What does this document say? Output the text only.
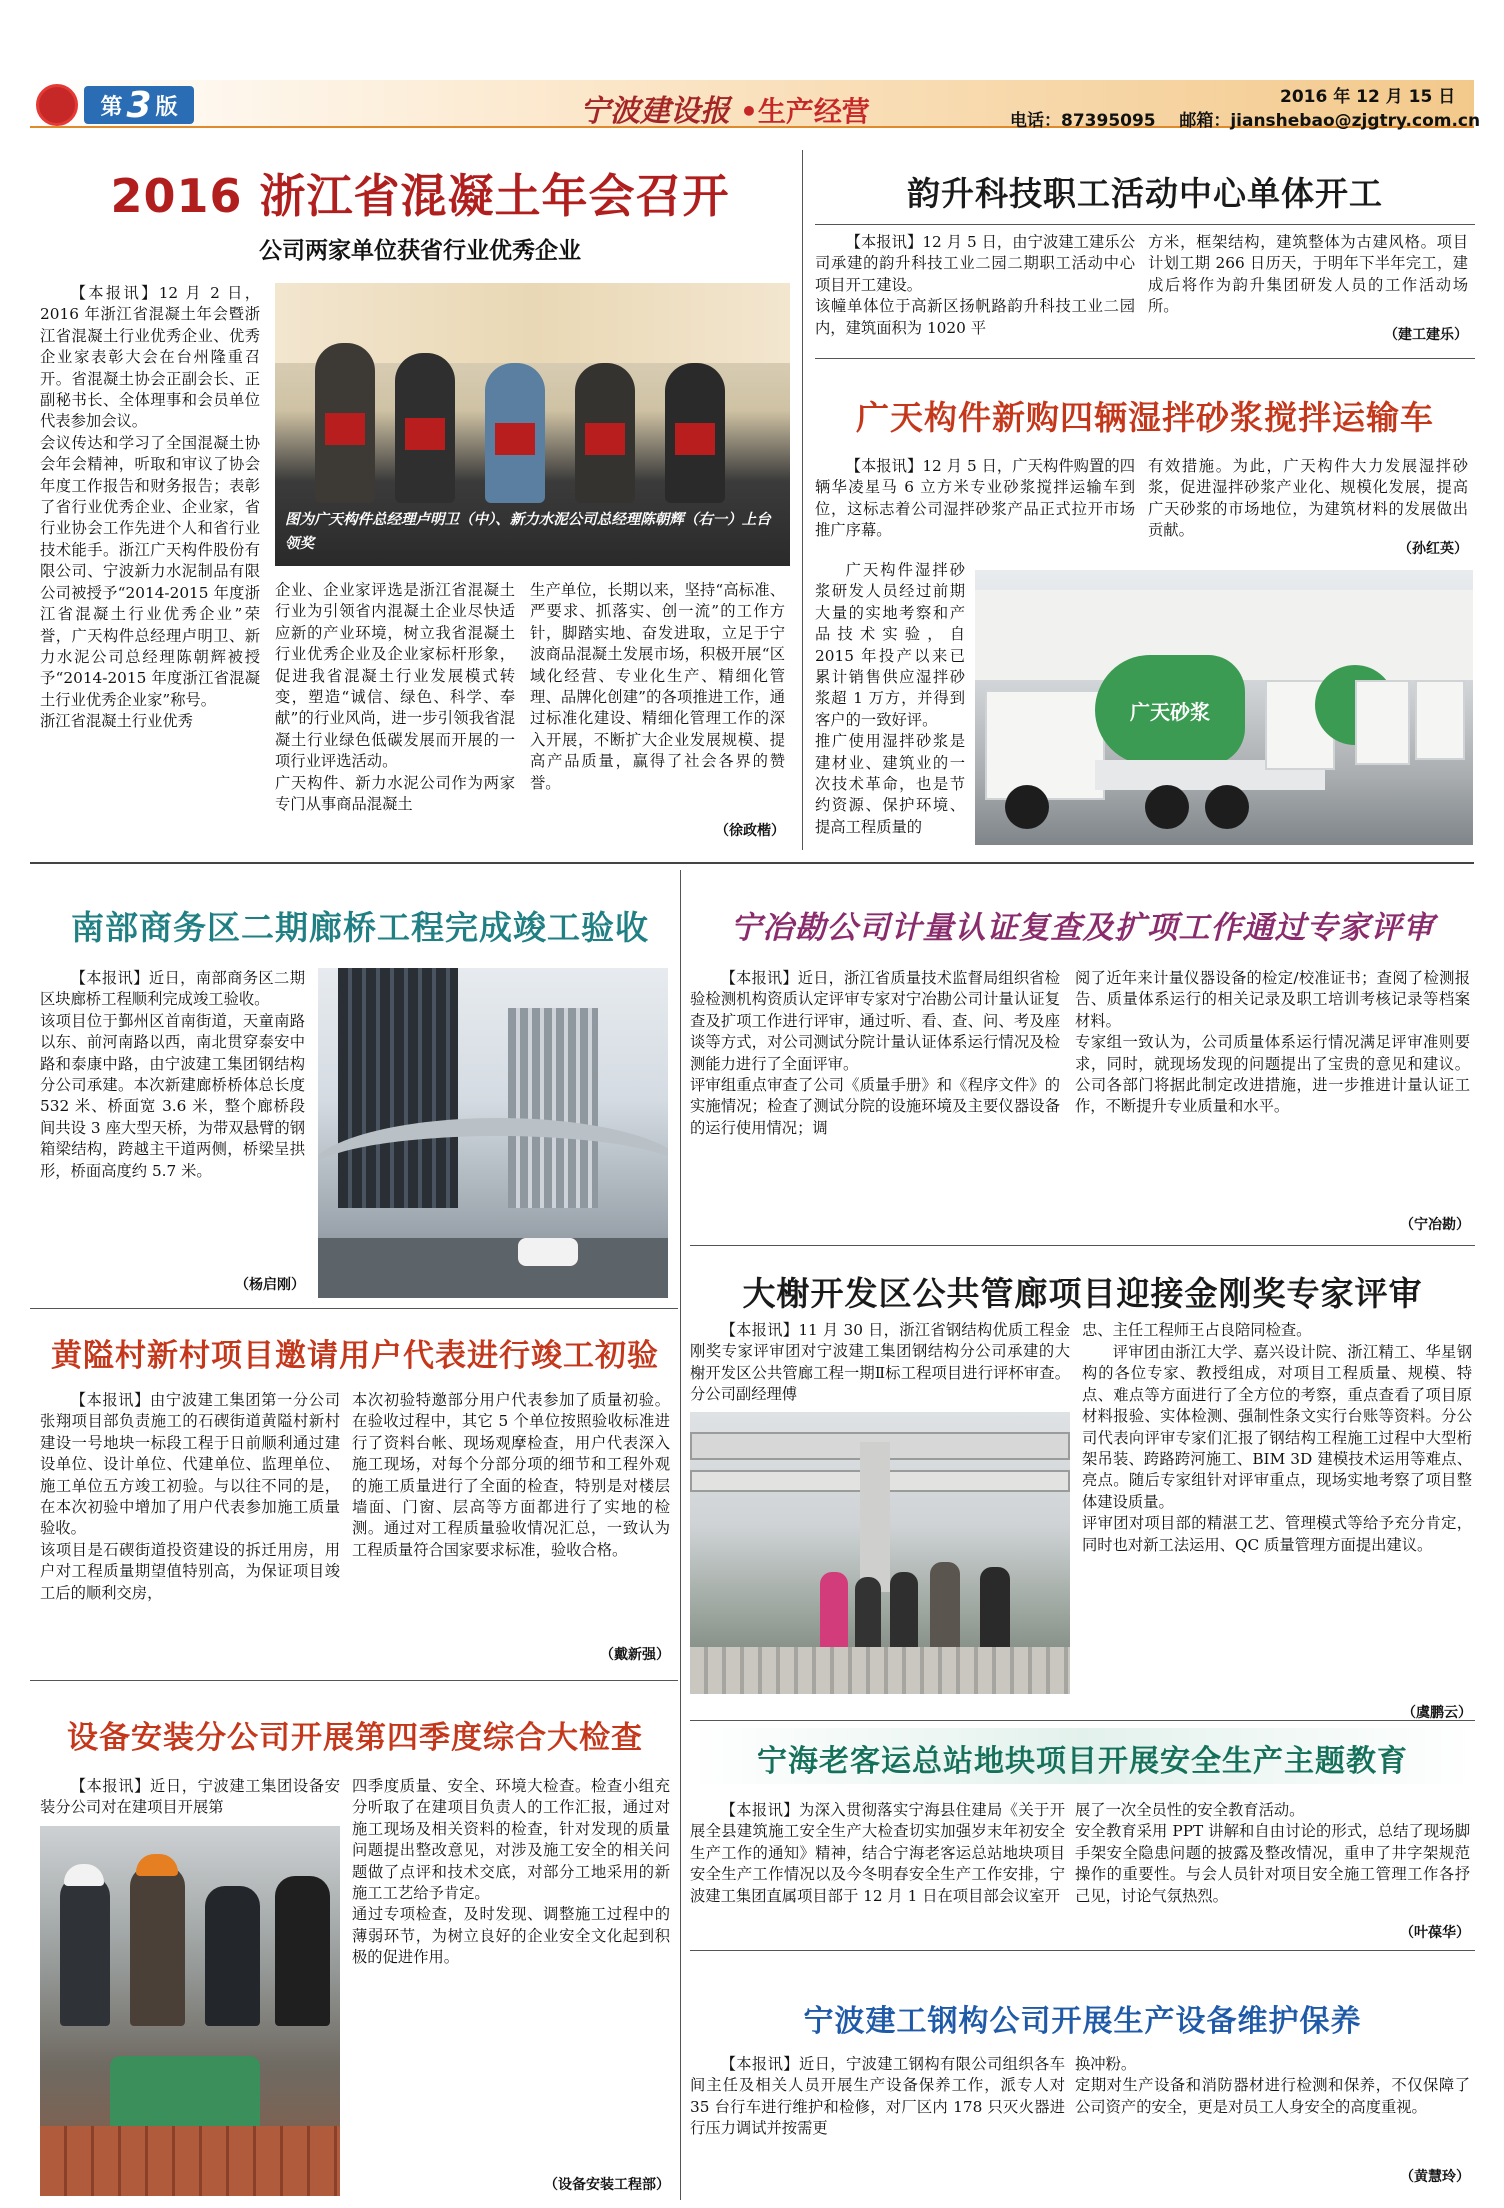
第 3 版	宁波建设报 •生产经营	2016 年 12 月 15 日
电话：87395095 邮箱：jianshebao@zjgtry.com.cn
2016 浙江省混凝土年会召开
公司两家单位获省行业优秀企业
【本报讯】12 月 2 日，2016 年浙江省混凝土年会暨浙江省混凝土行业优秀企业、优秀企业家表彰大会在台州隆重召开。省混凝土协会正副会长、正副秘书长、全体理事和会员单位代表参加会议。
会议传达和学习了全国混凝土协会年会精神，听取和审议了协会年度工作报告和财务报告；表彰了省行业优秀企业、企业家，省行业协会工作先进个人和省行业技术能手。浙江广天构件股份有限公司、宁波新力水泥制品有限公司被授予“2014-2015 年度浙江省混凝土行业优秀企业”荣誉，广天构件总经理卢明卫、新力水泥公司总经理陈朝辉被授予“2014-2015 年度浙江省混凝土行业优秀企业家”称号。
浙江省混凝土行业优秀
图为广天构件总经理卢明卫（中）、新力水泥公司总经理陈朝辉（右一）上台领奖
企业、企业家评选是浙江省混凝土行业为引领省内混凝土企业尽快适应新的产业环境，树立我省混凝土行业优秀企业及企业家标杆形象，促进我省混凝土行业发展模式转变，塑造“诚信、绿色、科学、奉献”的行业风尚，进一步引领我省混凝土行业绿色低碳发展而开展的一项行业评选活动。
广天构件、新力水泥公司作为两家专门从事商品混凝土
生产单位，长期以来，坚持“高标准、严要求、抓落实、创一流”的工作方针，脚踏实地、奋发进取，立足于宁波商品混凝土发展市场，积极开展“区域化经营、专业化生产、精细化管理、品牌化创建”的各项推进工作，通过标准化建设、精细化管理工作的深入开展，不断扩大企业发展规模、提高产品质量，赢得了社会各界的赞誉。
（徐政楷）
韵升科技职工活动中心单体开工
【本报讯】12 月 5 日，由宁波建工建乐公司承建的韵升科技工业二园二期职工活动中心项目开工建设。
该幢单体位于高新区扬帆路韵升科技工业二园内，建筑面积为 1020 平
方米，框架结构，建筑整体为古建风格。项目计划工期 266 日历天，于明年下半年完工，建成后将作为韵升集团研发人员的工作活动场所。
（建工建乐）
广天构件新购四辆湿拌砂浆搅拌运输车
【本报讯】12 月 5 日，广天构件购置的四辆华凌星马 6 立方米专业砂浆搅拌运输车到位，这标志着公司湿拌砂浆产品正式拉开市场推广序幕。
有效措施。为此，广天构件大力发展湿拌砂浆，促进湿拌砂浆产业化、规模化发展，提高广天砂浆的市场地位，为建筑材料的发展做出贡献。
（孙红英）
广天构件湿拌砂浆研发人员经过前期大量的实地考察和产品技术实验，自 2015 年投产以来已累计销售供应湿拌砂浆超 1 万方，并得到客户的一致好评。
推广使用湿拌砂浆是建材业、建筑业的一次技术革命，也是节约资源、保护环境、提高工程质量的
广天砂浆
南部商务区二期廊桥工程完成竣工验收
【本报讯】近日，南部商务区二期区块廊桥工程顺利完成竣工验收。
该项目位于鄞州区首南街道，天童南路以东、前河南路以西，南北贯穿泰安中路和泰康中路，由宁波建工集团钢结构分公司承建。本次新建廊桥桥体总长度 532 米、桥面宽 3.6 米，整个廊桥段间共设 3 座大型天桥，为带双悬臂的钢箱梁结构，跨越主干道两侧，桥梁呈拱形，桥面高度约 5.7 米。
（杨启刚）
宁冶勘公司计量认证复查及扩项工作通过专家评审
【本报讯】近日，浙江省质量技术监督局组织省检验检测机构资质认定评审专家对宁冶勘公司计量认证复查及扩项工作进行评审，通过听、看、查、问、考及座谈等方式，对公司测试分院计量认证体系运行情况及检测能力进行了全面评审。
评审组重点审查了公司《质量手册》和《程序文件》的实施情况；检查了测试分院的设施环境及主要仪器设备的运行使用情况；调
阅了近年来计量仪器设备的检定/校准证书；查阅了检测报告、质量体系运行的相关记录及职工培训考核记录等档案材料。
专家组一致认为，公司质量体系运行情况满足评审准则要求，同时，就现场发现的问题提出了宝贵的意见和建议。公司各部门将据此制定改进措施，进一步推进计量认证工作，不断提升专业质量和水平。
（宁冶勘）
大榭开发区公共管廊项目迎接金刚奖专家评审
【本报讯】11 月 30 日，浙江省钢结构优质工程金刚奖专家评审团对宁波建工集团钢结构分公司承建的大榭开发区公共管廊工程一期Ⅱ标工程项目进行评杯审查。分公司副经理傅
忠、主任工程师王占良陪同检查。
评审团由浙江大学、嘉兴设计院、浙江精工、华星钢构的各位专家、教授组成，对项目工程质量、规模、特点、难点等方面进行了全方位的考察，重点查看了项目原材料报验、实体检测、强制性条文实行台账等资料。分公司代表向评审专家们汇报了钢结构工程施工过程中大型桁架吊装、跨路跨河施工、BIM 3D 建模技术运用等难点、亮点。随后专家组针对评审重点，现场实地考察了项目整体建设质量。
评审团对项目部的精湛工艺、管理模式等给予充分肯定，同时也对新工法运用、QC 质量管理方面提出建议。
（虞鹏云）
黄隘村新村项目邀请用户代表进行竣工初验
【本报讯】由宁波建工集团第一分公司张翔项目部负责施工的石碶街道黄隘村新村建设一号地块一标段工程于日前顺利通过建设单位、设计单位、代建单位、监理单位、施工单位五方竣工初验。与以往不同的是，在本次初验中增加了用户代表参加施工质量验收。
该项目是石碶街道投资建设的拆迁用房，用户对工程质量期望值特别高，为保证项目竣工后的顺利交房，
本次初验特邀部分用户代表参加了质量初验。在验收过程中，其它 5 个单位按照验收标准进行了资料台帐、现场观摩检查，用户代表深入施工现场，对每个分部分项的细节和工程外观的施工质量进行了全面的检查，特别是对楼层墙面、门窗、层高等方面都进行了实地的检测。通过对工程质量验收情况汇总，一致认为工程质量符合国家要求标准，验收合格。
（戴新强）
宁海老客运总站地块项目开展安全生产主题教育
【本报讯】为深入贯彻落实宁海县住建局《关于开展全县建筑施工安全生产大检查切实加强岁末年初安全生产工作的通知》精神，结合宁海老客运总站地块项目安全生产工作情况以及今冬明春安全生产工作安排，宁波建工集团直属项目部于 12 月 1 日在项目部会议室开
展了一次全员性的安全教育活动。
安全教育采用 PPT 讲解和自由讨论的形式，总结了现场脚手架安全隐患问题的披露及整改情况，重申了井字架规范操作的重要性。与会人员针对项目安全施工管理工作各抒己见，讨论气氛热烈。
（叶葆华）
设备安装分公司开展第四季度综合大检查
【本报讯】近日，宁波建工集团设备安装分公司对在建项目开展第
四季度质量、安全、环境大检查。检查小组充分听取了在建项目负责人的工作汇报，通过对施工现场及相关资料的检查，针对发现的质量问题提出整改意见，对涉及施工安全的相关问题做了点评和技术交底，对部分工地采用的新施工工艺给予肯定。
通过专项检查，及时发现、调整施工过程中的薄弱环节，为树立良好的企业安全文化起到积极的促进作用。
（设备安装工程部）
宁波建工钢构公司开展生产设备维护保养
【本报讯】近日，宁波建工钢构有限公司组织各车间主任及相关人员开展生产设备保养工作，派专人对 35 台行车进行维护和检修，对厂区内 178 只灭火器进行压力调试并按需更
换冲粉。
定期对生产设备和消防器材进行检测和保养，不仅保障了公司资产的安全，更是对员工人身安全的高度重视。
（黄慧玲）
